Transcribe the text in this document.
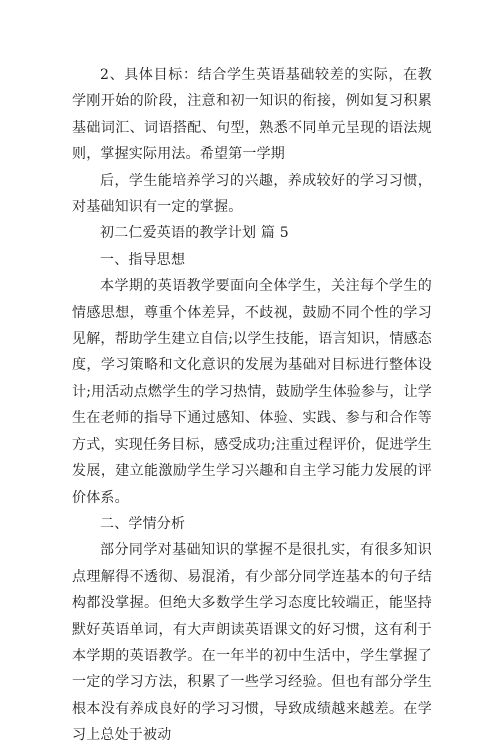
2、具体目标：结合学生英语基础较差的实际，在教学刚开始的阶段，注意和初一知识的衔接，例如复习积累基础词汇、词语搭配、句型，熟悉不同单元呈现的语法规则，掌握实际用法。希望第一学期

后，学生能培养学习的兴趣，养成较好的学习习惯，对基础知识有一定的掌握。

初二仁爱英语的教学计划 篇 5

一、指导思想

本学期的英语教学要面向全体学生，关注每个学生的情感思想，尊重个体差异，不歧视，鼓励不同个性的学习见解，帮助学生建立自信;以学生技能，语言知识，情感态度，学习策略和文化意识的发展为基础对目标进行整体设计;用活动点燃学生的学习热情，鼓励学生体验参与，让学生在老师的指导下通过感知、体验、实践、参与和合作等方式，实现任务目标，感受成功;注重过程评价，促进学生发展，建立能激励学生学习兴趣和自主学习能力发展的评价体系。

二、学情分析

部分同学对基础知识的掌握不是很扎实，有很多知识点理解得不透彻、易混淆，有少部分同学连基本的句子结构都没掌握。但绝大多数学生学习态度比较端正，能坚持默好英语单词，有大声朗读英语课文的好习惯，这有利于本学期的英语教学。在一年半的初中生活中，学生掌握了一定的学习方法，积累了一些学习经验。但也有部分学生根本没有养成良好的学习习惯，导致成绩越来越差。在学习上总处于被动
